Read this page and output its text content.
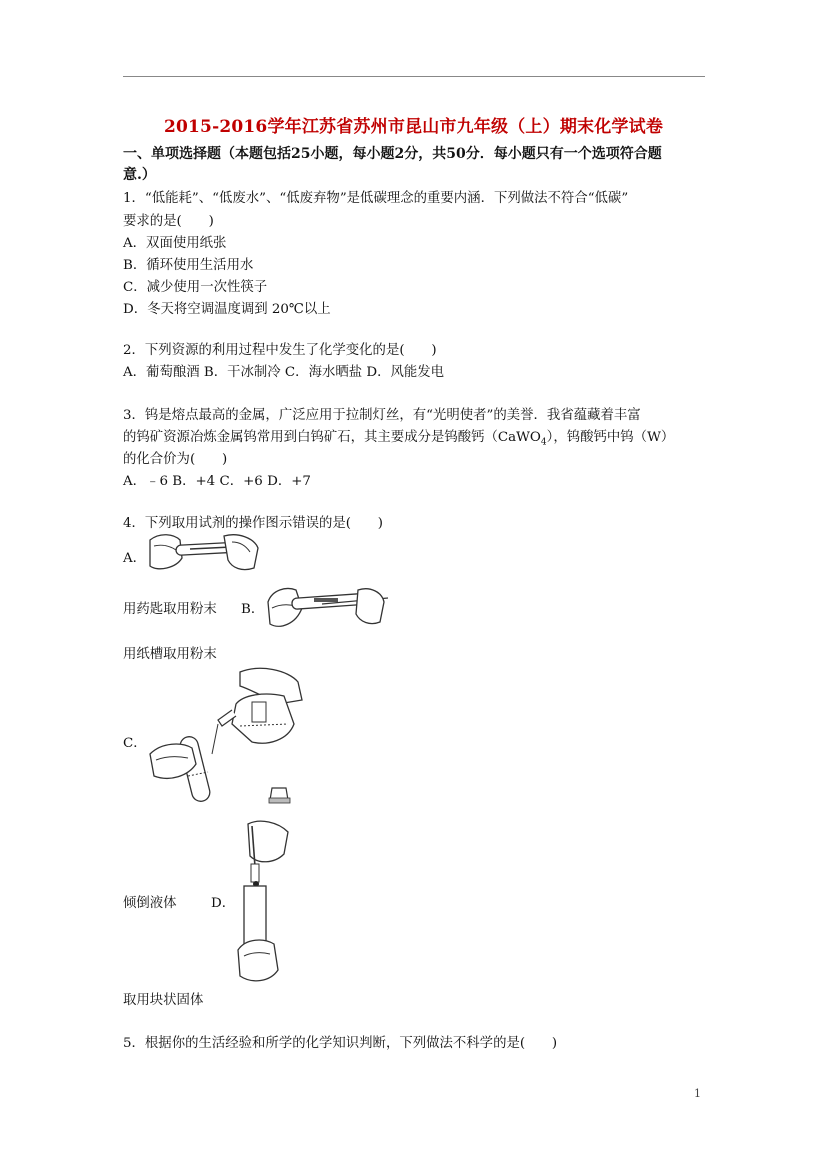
2015-2016学年江苏省苏州市昆山市九年级（上）期末化学试卷
一、单项选择题（本题包括25小题，每小题2分，共50分．每小题只有一个选项符合题
意.）
1．“低能耗”、“低废水”、“低废弃物”是低碳理念的重要内涵．下列做法不符合“低碳”
要求的是(　　)
A．双面使用纸张
B．循环使用生活用水
C．减少使用一次性筷子
D．冬天将空调温度调到 20℃以上
2．下列资源的利用过程中发生了化学变化的是(　　)
A．葡萄酿酒 B．干冰制冷 C．海水晒盐 D．风能发电
3．钨是熔点最高的金属，广泛应用于拉制灯丝，有“光明使者”的美誉．我省蕴藏着丰富
的钨矿资源冶炼金属钨常用到白钨矿石，其主要成分是钨酸钙（CaWO$_4$），钨酸钙中钨（W）
的化合价为(　　)
A．﹣6 B．+4 C．+6 D．+7
4．下列取用试剂的操作图示错误的是(　　)
A．
用药匙取用粉末 B．
用纸槽取用粉末
C．
倾倒液体	D．
取用块状固体
5．根据你的生活经验和所学的化学知识判断，下列做法不科学的是(　　)
1
